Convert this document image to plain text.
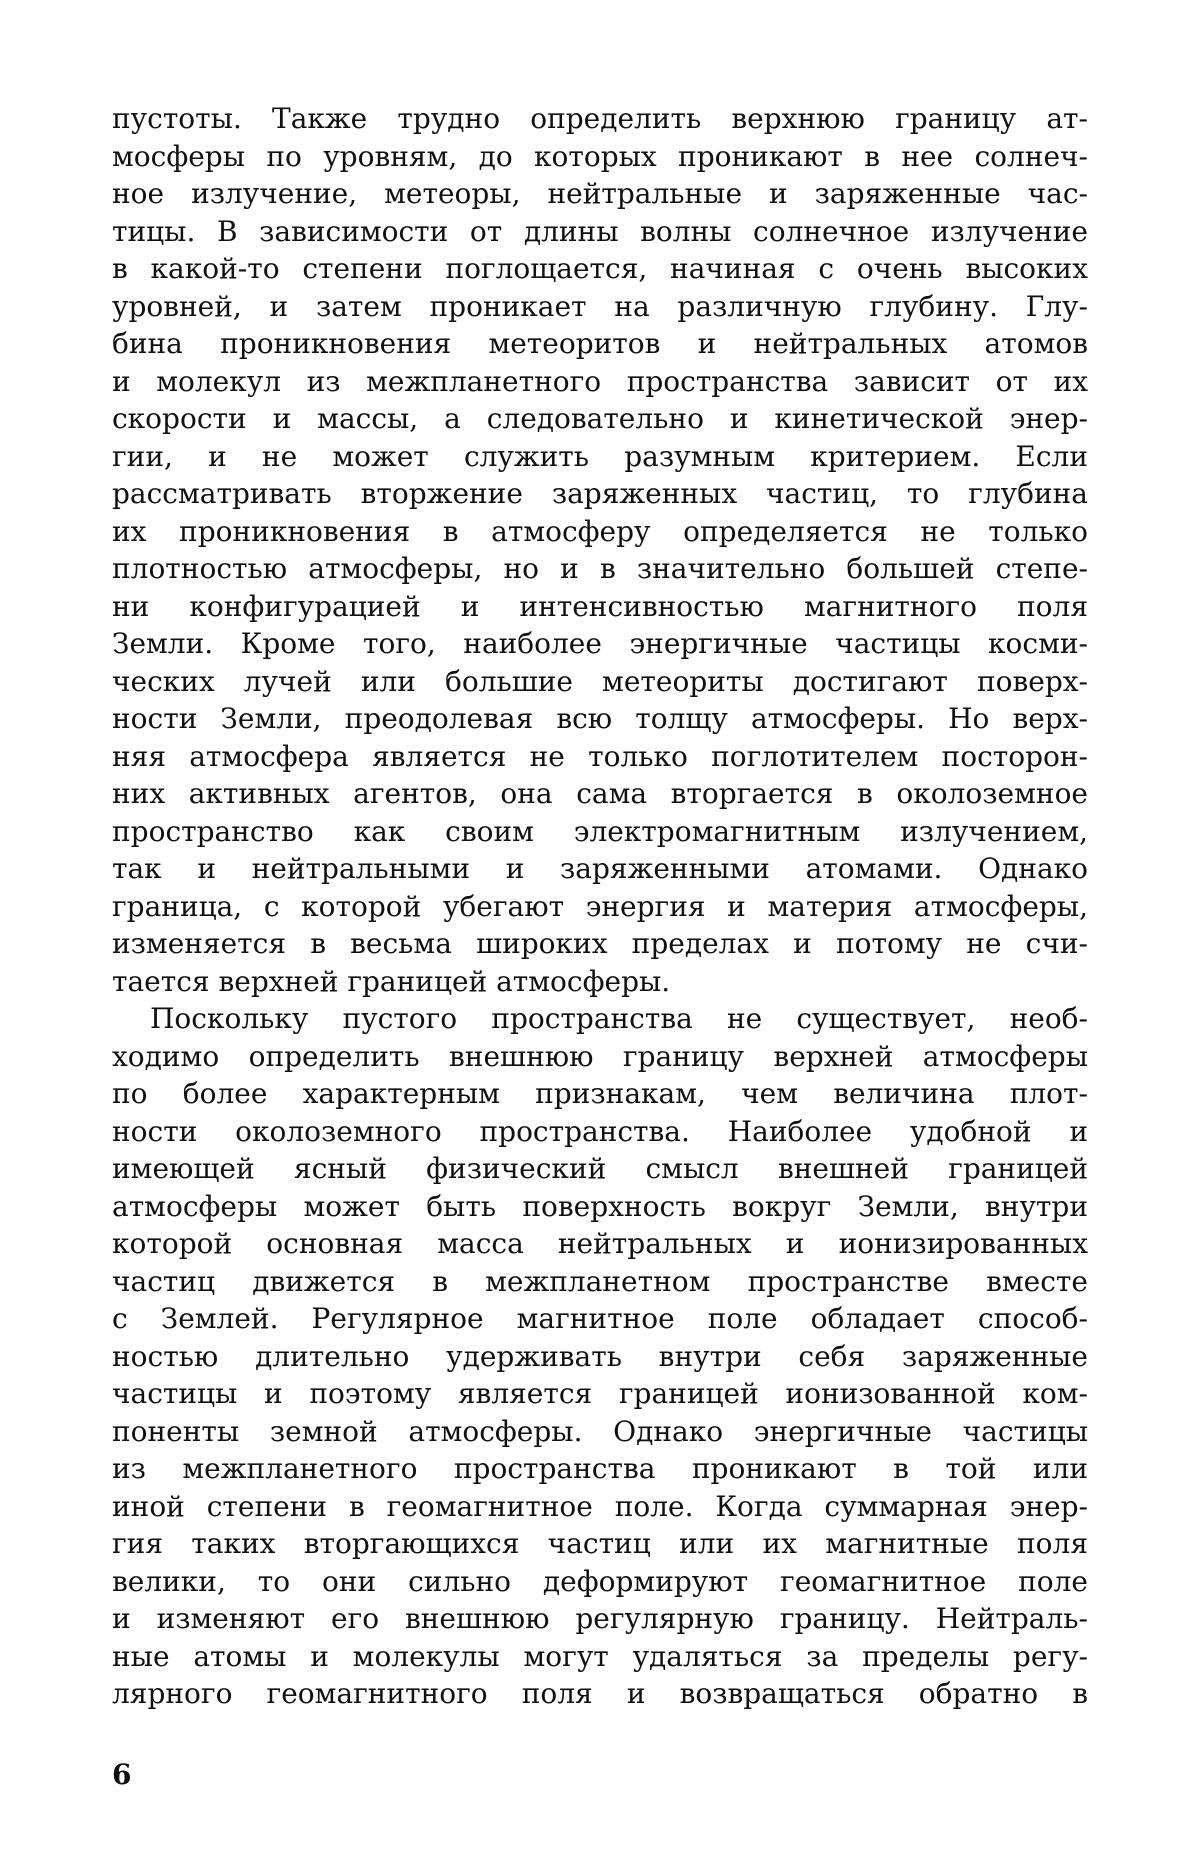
пустоты. Также трудно определить верхнюю границу ат-
мосферы по уровням, до которых проникают в нее солнеч-
ное излучение, метеоры, нейтральные и заряженные час-
тицы. В зависимости от длины волны солнечное излучение
в какой-то степени поглощается, начиная с очень высоких
уровней, и затем проникает на различную глубину. Глу-
бина проникновения метеоритов и нейтральных атомов
и молекул из межпланетного пространства зависит от их
скорости и массы, а следовательно и кинетической энер-
гии, и не может служить разумным критерием. Если
рассматривать вторжение заряженных частиц, то глубина
их проникновения в атмосферу определяется не только
плотностью атмосферы, но и в значительно большей степе-
ни конфигурацией и интенсивностью магнитного поля
Земли. Кроме того, наиболее энергичные частицы косми-
ческих лучей или большие метеориты достигают поверх-
ности Земли, преодолевая всю толщу атмосферы. Но верх-
няя атмосфера является не только поглотителем посторон-
них активных агентов, она сама вторгается в околоземное
пространство как своим электромагнитным излучением,
так и нейтральными и заряженными атомами. Однако
граница, с которой убегают энергия и материя атмосферы,
изменяется в весьма широких пределах и потому не счи-
тается верхней границей атмосферы.
Поскольку пустого пространства не существует, необ-
ходимо определить внешнюю границу верхней атмосферы
по более характерным признакам, чем величина плот-
ности околоземного пространства. Наиболее удобной и
имеющей ясный физический смысл внешней границей
атмосферы может быть поверхность вокруг Земли, внутри
которой основная масса нейтральных и ионизированных
частиц движется в межпланетном пространстве вместе
с Землей. Регулярное магнитное поле обладает способ-
ностью длительно удерживать внутри себя заряженные
частицы и поэтому является границей ионизованной ком-
поненты земной атмосферы. Однако энергичные частицы
из межпланетного пространства проникают в той или
иной степени в геомагнитное поле. Когда суммарная энер-
гия таких вторгающихся частиц или их магнитные поля
велики, то они сильно деформируют геомагнитное поле
и изменяют его внешнюю регулярную границу. Нейтраль-
ные атомы и молекулы могут удаляться за пределы регу-
лярного геомагнитного поля и возвращаться обратно в
6
